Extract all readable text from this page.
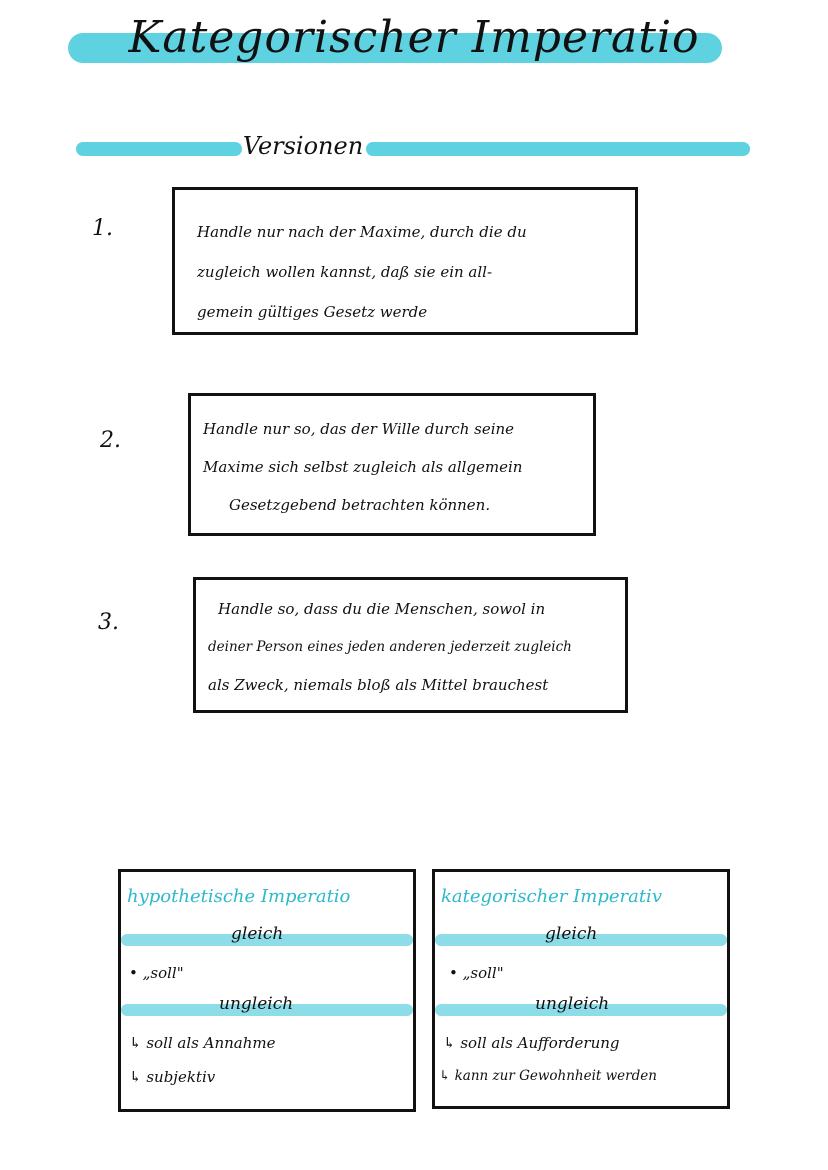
Kategorischer Imperatio
Versionen
1.	Handle nur nach der Maxime, durch die du
zugleich wollen kannst, daß sie ein all-
gemein gültiges Gesetz werde
2.	Handle nur so, das der Wille durch seine
Maxime sich selbst zugleich als allgemein
Gesetzgebend betrachten können.
3.
Handle so, dass du die Menschen, sowol in
deiner Person eines jeden anderen jederzeit zugleich
als Zweck, niemals bloß als Mittel brauchest
hypothetische Imperatio
gleich
• „soll"
ungleich
↳ soll als Annahme
↳ subjektiv
kategorischer Imperativ
gleich
• „soll"
ungleich
↳ soll als Aufforderung
↳ kann zur Gewohnheit werden
